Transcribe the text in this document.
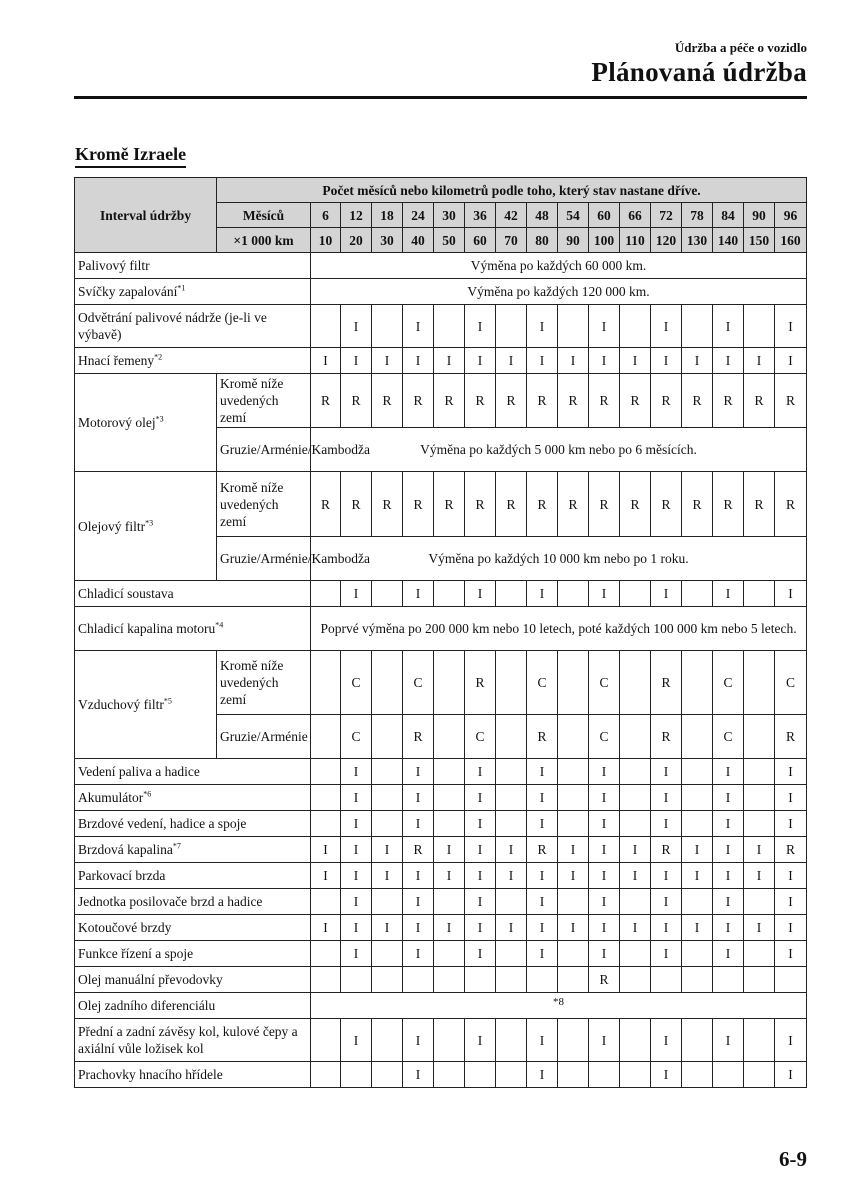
Údržba a péče o vozidlo
Plánovaná údržba
Kromě Izraele
Interval údržby	Počet měsíců nebo kilometrů podle toho, který stav nastane dříve.																
	Měsíců	6	12	18	24	30	36	42	48	54	60	66	72	78	84	90	96
	×1 000 km	10	20	30	40	50	60	70	80	90	100	110	120	130	140	150	160
Palivový filtr		Výměna po každých 60 000 km.															
Svíčky zapalování$^{*1}$		Výměna po každých 120 000 km.															
Odvětrání palivové nádrže (je-li ve výbavě)			I		I		I		I		I		I		I		I
Hnací řemeny$^{*2}$		I	I	I	I	I	I	I	I	I	I	I	I	I	I	I	I
Motorový olej$^{*3}$	Kromě níže uvedených zemí	R	R	R	R	R	R	R	R	R	R	R	R	R	R	R	R
	Gruzie/Arménie/Kambodža	Výměna po každých 5 000 km nebo po 6 měsících.															
Olejový filtr$^{*3}$	Kromě níže uvedených zemí	R	R	R	R	R	R	R	R	R	R	R	R	R	R	R	R
	Gruzie/Arménie/Kambodža	Výměna po každých 10 000 km nebo po 1 roku.															
Chladicí soustava			I		I		I		I		I		I		I		I
Chladicí kapalina motoru$^{*4}$		Poprvé výměna po 200 000 km nebo 10 letech, poté každých 100 000 km nebo 5 letech.															
Vzduchový filtr$^{*5}$	Kromě níže uvedených zemí		C		C		R		C		C		R		C		C
	Gruzie/Arménie		C		R		C		R		C		R		C		R
Vedení paliva a hadice			I		I		I		I		I		I		I		I
Akumulátor$^{*6}$			I		I		I		I		I		I		I		I
Brzdové vedení, hadice a spoje			I		I		I		I		I		I		I		I
Brzdová kapalina$^{*7}$		I	I	I	R	I	I	I	R	I	I	I	R	I	I	I	R
Parkovací brzda		I	I	I	I	I	I	I	I	I	I	I	I	I	I	I	I
Jednotka posilovače brzd a hadice			I		I		I		I		I		I		I		I
Kotoučové brzdy		I	I	I	I	I	I	I	I	I	I	I	I	I	I	I	I
Funkce řízení a spoje			I		I		I		I		I		I		I		I
Olej manuální převodovky											R						
Olej zadního diferenciálu		*8															
Přední a zadní závěsy kol, kulové čepy a axiální vůle ložisek kol			I		I		I		I		I		I		I		I
Prachovky hnacího hřídele					I				I				I				I
6-9
